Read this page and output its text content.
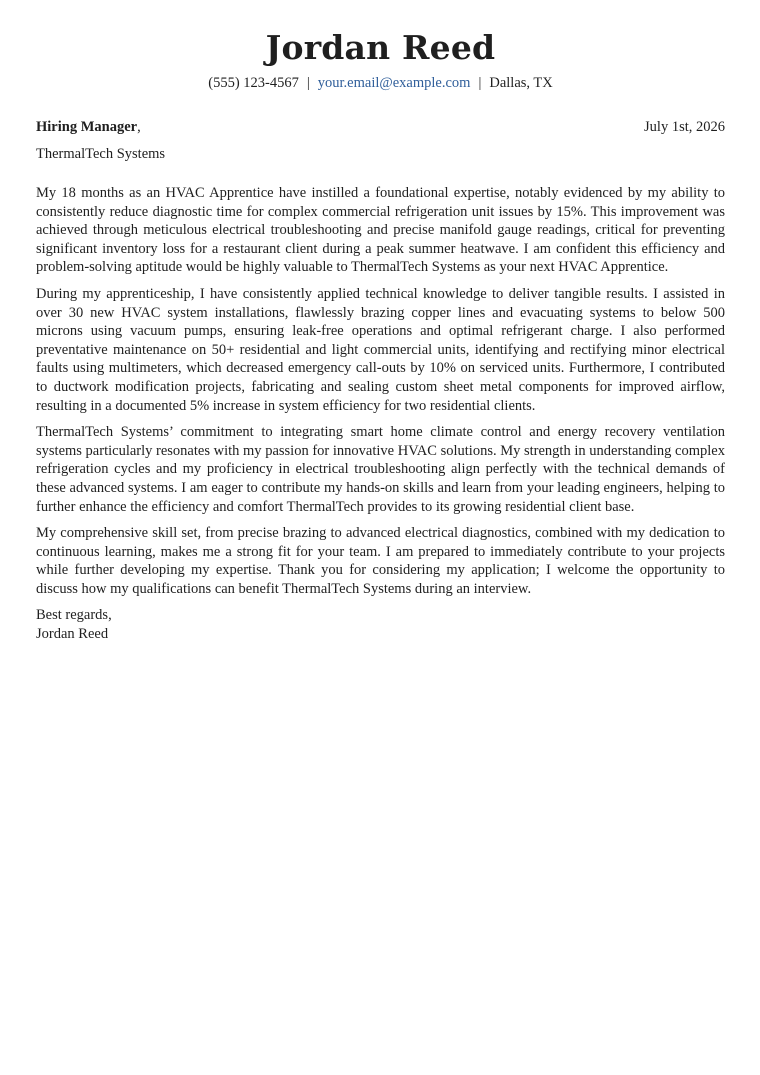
Jordan Reed
(555) 123-4567 | your.email@example.com | Dallas, TX
Hiring Manager,	July 1st, 2026
ThermalTech Systems

My 18 months as an HVAC Apprentice have instilled a foundational expertise, notably evidenced by my ability to consistently reduce diagnostic time for complex commercial refrigeration unit issues by 15%. This improvement was achieved through meticulous electrical troubleshooting and precise manifold gauge readings, critical for preventing significant inventory loss for a restaurant client during a peak summer heatwave. I am confident this efficiency and problem-solving aptitude would be highly valuable to ThermalTech Systems as your next HVAC Apprentice.

During my apprenticeship, I have consistently applied technical knowledge to deliver tangible results. I assisted in over 30 new HVAC system installations, flawlessly brazing copper lines and evacuating systems to below 500 microns using vacuum pumps, ensuring leak-free operations and optimal refrigerant charge. I also performed preventative maintenance on 50+ residential and light commercial units, identifying and rectifying minor electrical faults using multimeters, which decreased emergency call-outs by 10% on serviced units. Furthermore, I contributed to ductwork modification projects, fabricating and sealing custom sheet metal components for improved airflow, resulting in a documented 5% increase in system efficiency for two residential clients.

ThermalTech Systems’ commitment to integrating smart home climate control and energy recovery ventilation systems particularly resonates with my passion for innovative HVAC solutions. My strength in understanding complex refrigeration cycles and my proficiency in electrical troubleshooting align perfectly with the technical demands of these advanced systems. I am eager to contribute my hands-on skills and learn from your leading engineers, helping to further enhance the efficiency and comfort ThermalTech provides to its growing residential client base.

My comprehensive skill set, from precise brazing to advanced electrical diagnostics, combined with my dedication to continuous learning, makes me a strong fit for your team. I am prepared to immediately contribute to your projects while further developing my expertise. Thank you for considering my application; I welcome the opportunity to discuss how my qualifications can benefit ThermalTech Systems during an interview.

Best regards,
Jordan Reed
